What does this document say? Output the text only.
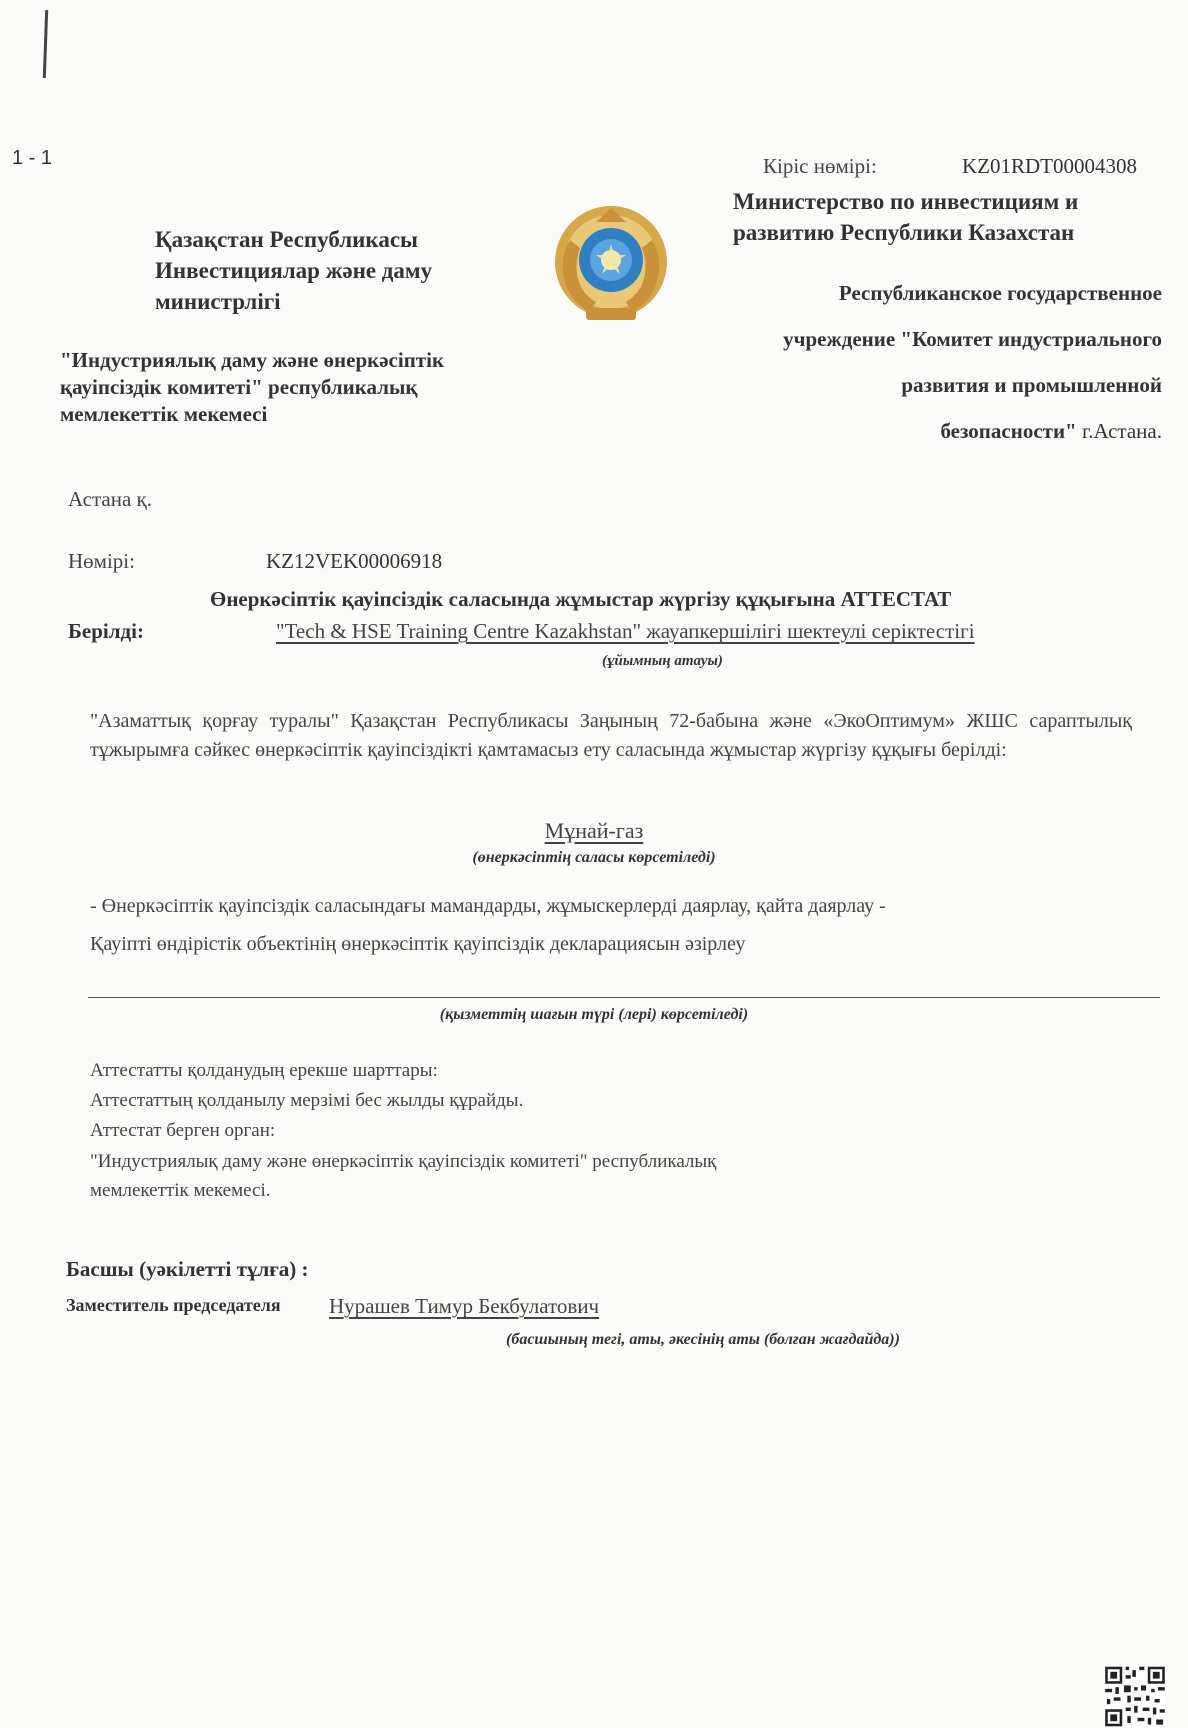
1 - 1
Қазақстан Республикасы
Инвестициялар және даму
министрлігі
"Индустриялық даму және өнеркәсіптік
қауіпсіздік комитеті" республикалық
мемлекеттік мекемесі
Кіріс нөмірі:	KZ01RDT00004308
Министерство по инвестициям и
развитию Республики Казахстан
Республиканское государственное
учреждение "Комитет индустриального
развития и промышленной
безопасности" г.Астана.
Астана қ.
Нөмірі:	KZ12VEK00006918
Өнеркәсіптік қауіпсіздік саласында жұмыстар жүргізу құқығына АТТЕСТАТ
Берілді:	"Tech & HSE Training Centre Kazakhstan" жауапкершілігі шектеулі серіктестігі
(ұйымның атауы)
"Азаматтық қорғау туралы" Қазақстан Республикасы Заңының 72-бабына және «ЭкоОптимум» ЖШС сараптылық тұжырымға сәйкес өнеркәсіптік қауіпсіздікті қамтамасыз ету саласында жұмыстар жүргізу құқығы берілді:
Мұнай-газ
(өнеркәсіптің саласы көрсетіледі)
- Өнеркәсіптік қауіпсіздік саласындағы мамандарды, жұмыскерлерді даярлау, қайта даярлау -
Қауіпті өндірістік объектінің өнеркәсіптік қауіпсіздік декларациясын әзірлеу
(қызметтің шағын түрі (лері) көрсетіледі)
Аттестатты қолданудың ерекше шарттары:
Аттестаттың қолданылу мерзімі бес жылды құрайды.
Аттестат берген орган:
"Индустриялық даму және өнеркәсіптік қауіпсіздік комитеті" республикалық
мемлекеттік мекемесі.
Басшы (уәкілетті тұлға) :
Заместитель председателя Нурашев Тимур Бекбулатович
(басшының тегі, аты, әкесінің аты (болған жағдайда))
